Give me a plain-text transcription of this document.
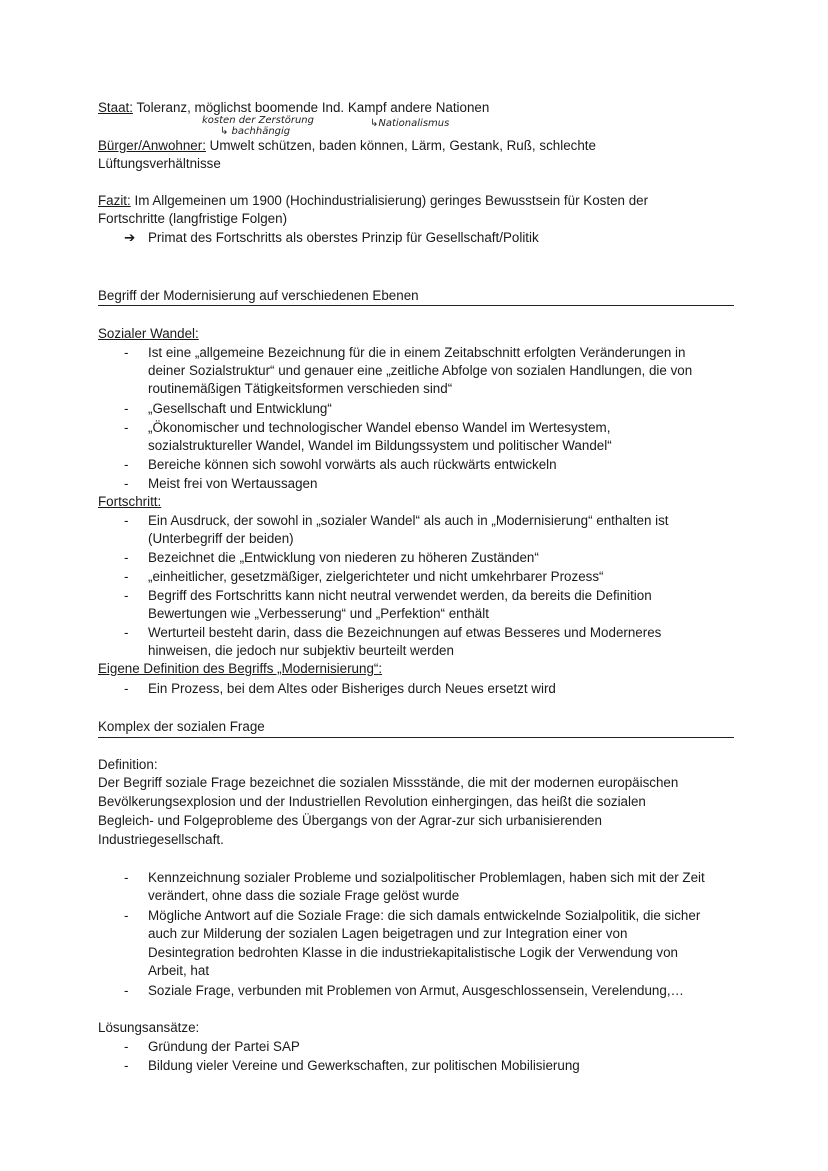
Staat: Toleranz, möglichst boomende Ind. Kampf andere Nationen
kosten der Zerstörung
↳ bachhängig
↳Nationalismus
Bürger/Anwohner: Umwelt schützen, baden können, Lärm, Gestank, Ruß, schlechte
Lüftungsverhältnisse
Fazit: Im Allgemeinen um 1900 (Hochindustrialisierung) geringes Bewusstsein für Kosten der
Fortschritte (langfristige Folgen)
➔ Primat des Fortschritts als oberstes Prinzip für Gesellschaft/Politik
Begriff der Modernisierung auf verschiedenen Ebenen
Sozialer Wandel:
- Ist eine „allgemeine Bezeichnung für die in einem Zeitabschnitt erfolgten Veränderungen in
deiner Sozialstruktur“ und genauer eine „zeitliche Abfolge von sozialen Handlungen, die von
routinemäßigen Tätigkeitsformen verschieden sind“
- „Gesellschaft und Entwicklung“
- „Ökonomischer und technologischer Wandel ebenso Wandel im Wertesystem,
sozialstruktureller Wandel, Wandel im Bildungssystem und politischer Wandel“
- Bereiche können sich sowohl vorwärts als auch rückwärts entwickeln
- Meist frei von Wertaussagen
Fortschritt:
- Ein Ausdruck, der sowohl in „sozialer Wandel“ als auch in „Modernisierung“ enthalten ist
(Unterbegriff der beiden)
- Bezeichnet die „Entwicklung von niederen zu höheren Zuständen“
- „einheitlicher, gesetzmäßiger, zielgerichteter und nicht umkehrbarer Prozess“
- Begriff des Fortschritts kann nicht neutral verwendet werden, da bereits die Definition
Bewertungen wie „Verbesserung“ und „Perfektion“ enthält
- Werturteil besteht darin, dass die Bezeichnungen auf etwas Besseres und Moderneres
hinweisen, die jedoch nur subjektiv beurteilt werden
Eigene Definition des Begriffs „Modernisierung“:
- Ein Prozess, bei dem Altes oder Bisheriges durch Neues ersetzt wird
Komplex der sozialen Frage
Definition:
Der Begriff soziale Frage bezeichnet die sozialen Missstände, die mit der modernen europäischen
Bevölkerungsexplosion und der Industriellen Revolution einhergingen, das heißt die sozialen
Begleich- und Folgeprobleme des Übergangs von der Agrar-zur sich urbanisierenden
Industriegesellschaft.
- Kennzeichnung sozialer Probleme und sozialpolitischer Problemlagen, haben sich mit der Zeit
verändert, ohne dass die soziale Frage gelöst wurde
- Mögliche Antwort auf die Soziale Frage: die sich damals entwickelnde Sozialpolitik, die sicher
auch zur Milderung der sozialen Lagen beigetragen und zur Integration einer von
Desintegration bedrohten Klasse in die industriekapitalistische Logik der Verwendung von
Arbeit, hat
- Soziale Frage, verbunden mit Problemen von Armut, Ausgeschlossensein, Verelendung,…
Lösungsansätze:
- Gründung der Partei SAP
- Bildung vieler Vereine und Gewerkschaften, zur politischen Mobilisierung
